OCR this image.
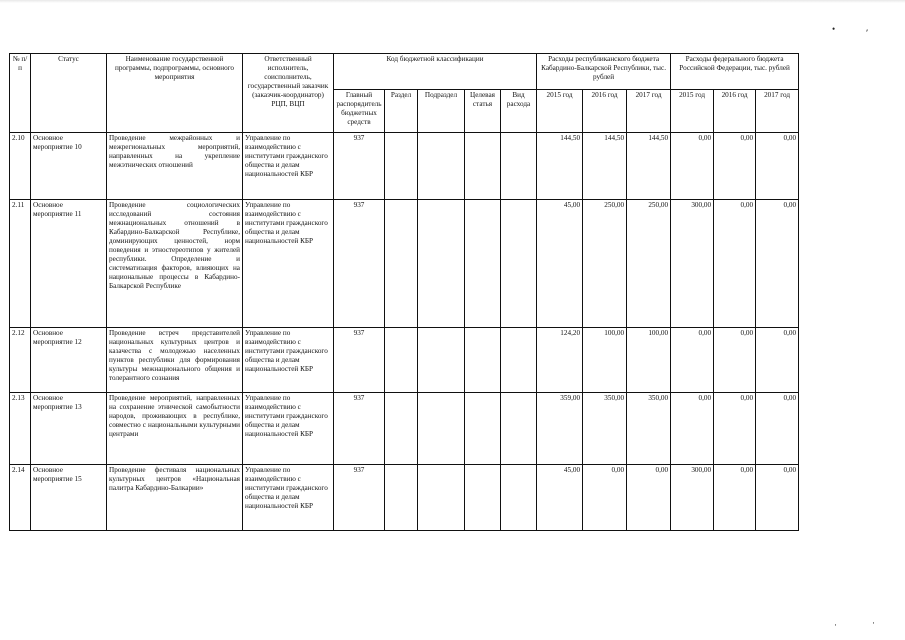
•	⸴
·	·
№ п/п	Статус	Наименование государственной программы, подпрограммы, основного мероприятия	Ответственный исполнитель, соисполнитель, государственный заказчик (заказчик-координатор) РЦП, ВЦП	Код бюджетной классификации					Расходы республиканского бюджета Кабардино-Балкарской Республики, тыс. рублей			Расходы федерального бюджета Российской Федерации, тыс. рублей		
				Главный распорядитель бюджетных средств	Раздел	Подраздел	Целевая статья	Вид расхода	2015 год	2016 год	2017 год	2015 год	2016 год	2017 год
2.10	Основное мероприятие 10	Проведение межрайонных и межрегиональных мероприятий, направленных на укрепление межэтнических отношений	Управление по взаимодействию с институтами гражданского общества и делам национальностей КБР	937					144,50	144,50	144,50	0,00	0,00	0,00
2.11	Основное мероприятие 11	Проведение социологических исследований состояния межнациональных отношений в Кабардино-Балкарской Республике, доминирующих ценностей, норм поведения и этностереотипов у жителей республики. Определение и систематизация факторов, влияющих на национальные процессы в Кабардино-Балкарской Республике	Управление по взаимодействию с институтами гражданского общества и делам национальностей КБР	937					45,00	250,00	250,00	300,00	0,00	0,00
2.12	Основное мероприятие 12	Проведение встреч представителей национальных культурных центров и казачества с молодежью населенных пунктов республики для формирования культуры межнационального общения и толерантного сознания	Управление по взаимодействию с институтами гражданского общества и делам национальностей КБР	937					124,20	100,00	100,00	0,00	0,00	0,00
2.13	Основное мероприятие 13	Проведение мероприятий, направленных на сохранение этнической самобытности народов, проживающих в республике, совместно с национальными культурными центрами	Управление по взаимодействию с институтами гражданского общества и делам национальностей КБР	937					359,00	350,00	350,00	0,00	0,00	0,00
2.14	Основное мероприятие 15	Проведение фестиваля национальных культурных центров «Национальная палитра Кабардино-Балкарии»	Управление по взаимодействию с институтами гражданского общества и делам национальностей КБР	937					45,00	0,00	0,00	300,00	0,00	0,00
